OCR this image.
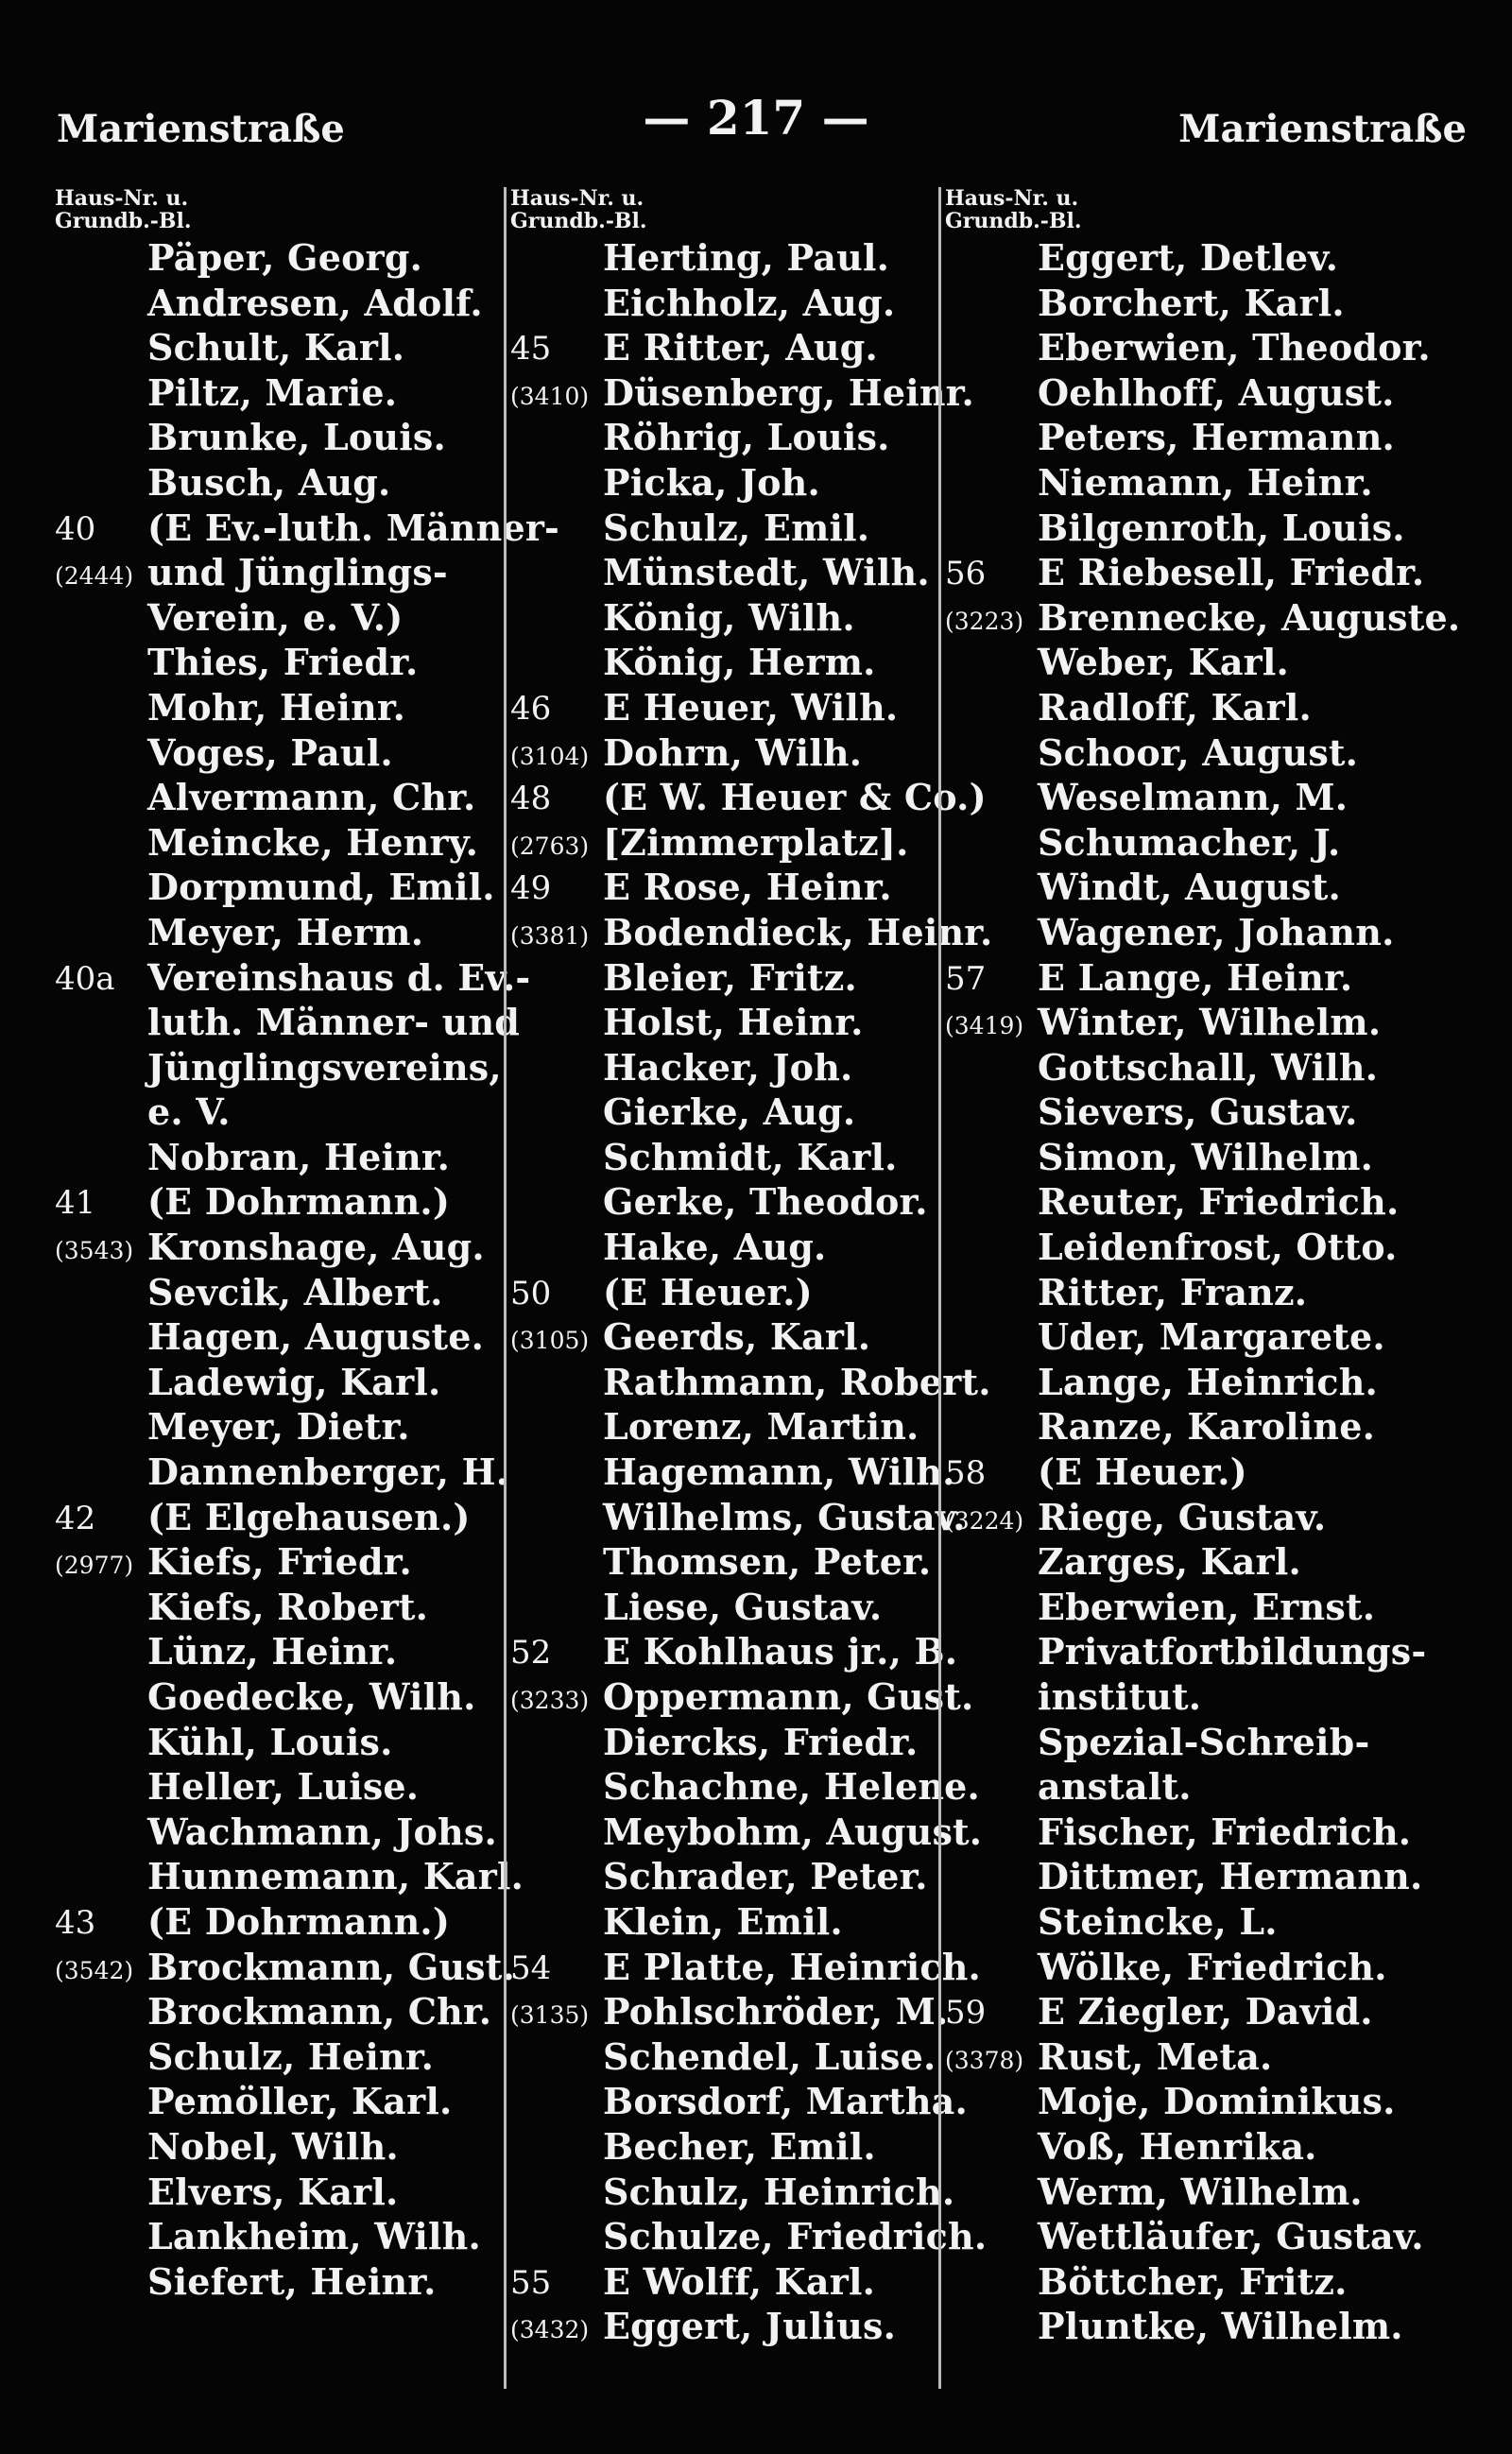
Marienstraße	— 217 —	Marienstraße
Haus-Nr. u.
Grundb.-Bl.
Päper, Georg.
Andresen, Adolf.
Schult, Karl.
Piltz, Marie.
Brunke, Louis.
Busch, Aug.
40 (E Ev.-luth. Männer-
(2444) und Jünglings-
Verein, e. V.)
Thies, Friedr.
Mohr, Heinr.
Voges, Paul.
Alvermann, Chr.
Meincke, Henry.
Dorpmund, Emil.
Meyer, Herm.
40a Vereinshaus d. Ev.-
luth. Männer- und
Jünglingsvereins,
e. V.
Nobran, Heinr.
41 (E Dohrmann.)
(3543) Kronshage, Aug.
Sevcik, Albert.
Hagen, Auguste.
Ladewig, Karl.
Meyer, Dietr.
Dannenberger, H.
42 (E Elgehausen.)
(2977) Kiefs, Friedr.
Kiefs, Robert.
Lünz, Heinr.
Goedecke, Wilh.
Kühl, Louis.
Heller, Luise.
Wachmann, Johs.
Hunnemann, Karl.
43 (E Dohrmann.)
(3542) Brockmann, Gust.
Brockmann, Chr.
Schulz, Heinr.
Pemöller, Karl.
Nobel, Wilh.
Elvers, Karl.
Lankheim, Wilh.
Siefert, Heinr.
Haus-Nr. u.
Grundb.-Bl.
Herting, Paul.
Eichholz, Aug.
45 E Ritter, Aug.
(3410) Düsenberg, Heinr.
Röhrig, Louis.
Picka, Joh.
Schulz, Emil.
Münstedt, Wilh.
König, Wilh.
König, Herm.
46 E Heuer, Wilh.
(3104) Dohrn, Wilh.
48 (E W. Heuer & Co.)
(2763) [Zimmerplatz].
49 E Rose, Heinr.
(3381) Bodendieck, Heinr.
Bleier, Fritz.
Holst, Heinr.
Hacker, Joh.
Gierke, Aug.
Schmidt, Karl.
Gerke, Theodor.
Hake, Aug.
50 (E Heuer.)
(3105) Geerds, Karl.
Rathmann, Robert.
Lorenz, Martin.
Hagemann, Wilh.
Wilhelms, Gustav.
Thomsen, Peter.
Liese, Gustav.
52 E Kohlhaus jr., B.
(3233) Oppermann, Gust.
Diercks, Friedr.
Schachne, Helene.
Meybohm, August.
Schrader, Peter.
Klein, Emil.
54 E Platte, Heinrich.
(3135) Pohlschröder, M.
Schendel, Luise.
Borsdorf, Martha.
Becher, Emil.
Schulz, Heinrich.
Schulze, Friedrich.
55 E Wolff, Karl.
(3432) Eggert, Julius.
Haus-Nr. u.
Grundb.-Bl.
Eggert, Detlev.
Borchert, Karl.
Eberwien, Theodor.
Oehlhoff, August.
Peters, Hermann.
Niemann, Heinr.
Bilgenroth, Louis.
56 E Riebesell, Friedr.
(3223) Brennecke, Auguste.
Weber, Karl.
Radloff, Karl.
Schoor, August.
Weselmann, M.
Schumacher, J.
Windt, August.
Wagener, Johann.
57 E Lange, Heinr.
(3419) Winter, Wilhelm.
Gottschall, Wilh.
Sievers, Gustav.
Simon, Wilhelm.
Reuter, Friedrich.
Leidenfrost, Otto.
Ritter, Franz.
Uder, Margarete.
Lange, Heinrich.
Ranze, Karoline.
58 (E Heuer.)
(3224) Riege, Gustav.
Zarges, Karl.
Eberwien, Ernst.
Privatfortbildungs-
institut.
Spezial-Schreib-
anstalt.
Fischer, Friedrich.
Dittmer, Hermann.
Steincke, L.
Wölke, Friedrich.
59 E Ziegler, David.
(3378) Rust, Meta.
Moje, Dominikus.
Voß, Henrika.
Werm, Wilhelm.
Wettläufer, Gustav.
Böttcher, Fritz.
Pluntke, Wilhelm.
